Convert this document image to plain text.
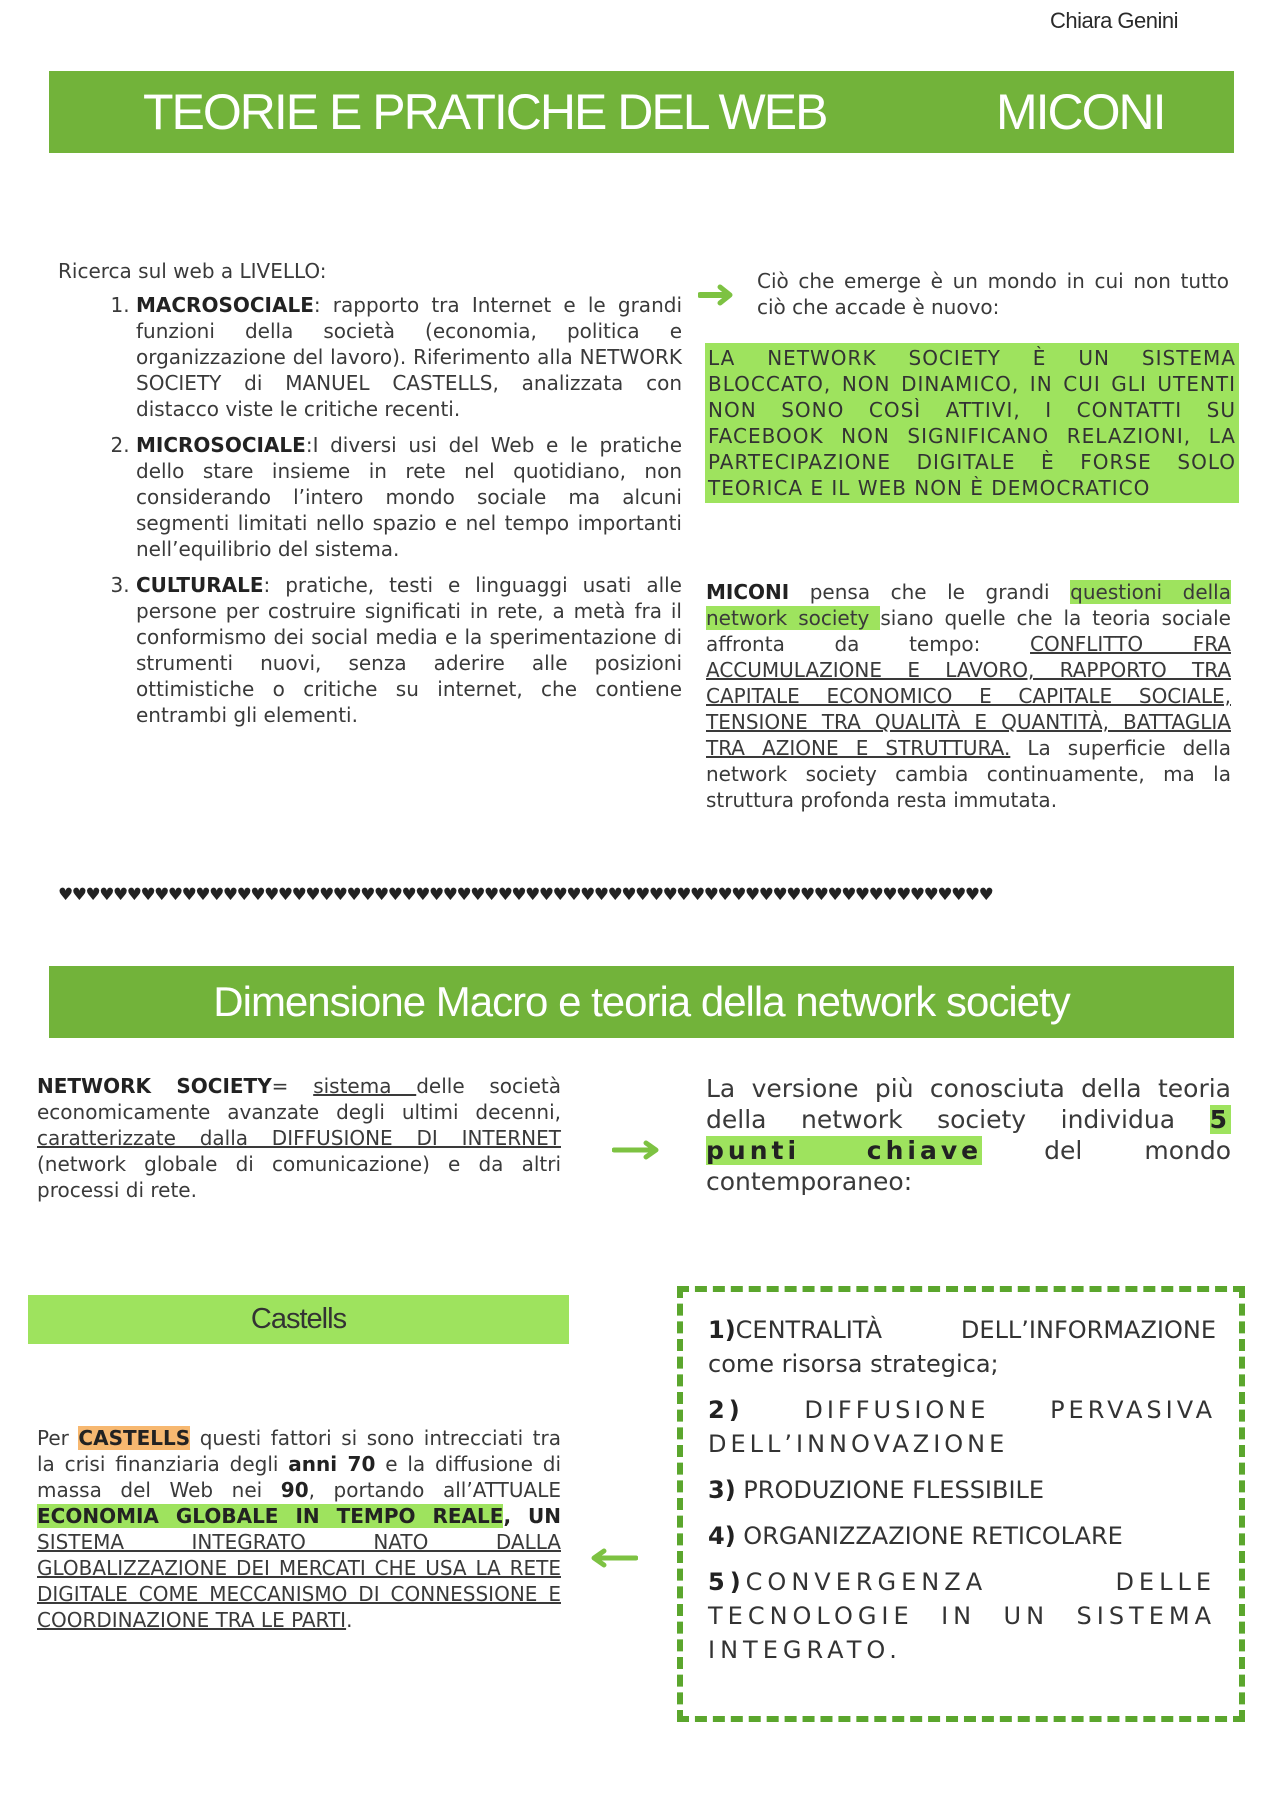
Chiara Genini
TEORIE E PRATICHE DEL WEB	MICONI
Ricerca sul web a LIVELLO:
1. MACROSOCIALE: rapporto tra Internet e le grandi funzioni della società (economia, politica e organizzazione del lavoro). Riferimento alla NETWORK SOCIETY di MANUEL CASTELLS, analizzata con distacco viste le critiche recenti.
2. MICROSOCIALE:I diversi usi del Web e le pratiche dello stare insieme in rete nel quotidiano, non considerando l’intero mondo sociale ma alcuni segmenti limitati nello spazio e nel tempo importanti nell’equilibrio del sistema.
3. CULTURALE: pratiche, testi e linguaggi usati alle persone per costruire significati in rete, a metà fra il conformismo dei social media e la sperimentazione di strumenti nuovi, senza aderire alle posizioni ottimistiche o critiche su internet, che contiene entrambi gli elementi.
Ciò che emerge è un mondo in cui non tutto ciò che accade è nuovo:
LA NETWORK SOCIETY È UN SISTEMA BLOCCATO, NON DINAMICO, IN CUI GLI UTENTI NON SONO COSÌ ATTIVI, I CONTATTI SU FACEBOOK NON SIGNIFICANO RELAZIONI, LA PARTECIPAZIONE DIGITALE È FORSE SOLO TEORICA E IL WEB NON È DEMOCRATICO
MICONI pensa che le grandi questioni della network society siano quelle che la teoria sociale affronta da tempo: CONFLITTO FRA ACCUMULAZIONE E LAVORO, RAPPORTO TRA CAPITALE ECONOMICO E CAPITALE SOCIALE, TENSIONE TRA QUALITÀ E QUANTITÀ, BATTAGLIA TRA AZIONE E STRUTTURA. La superficie della network society cambia continuamente, ma la struttura profonda resta immutata.
♥♥♥♥♥♥♥♥♥♥♥♥♥♥♥♥♥♥♥♥♥♥♥♥♥♥♥♥♥♥♥♥♥♥♥♥♥♥♥♥♥♥♥♥♥♥♥♥♥♥♥♥♥♥♥♥♥♥♥♥♥♥♥♥♥♥♥♥
Dimensione Macro e teoria della network society
NETWORK SOCIETY= sistema delle società economicamente avanzate degli ultimi decenni, caratterizzate dalla DIFFUSIONE DI INTERNET (network globale di comunicazione) e da altri processi di rete.
La versione più conosciuta della teoria della network society individua 5 punti chiave del mondo contemporaneo:
Castells	1)CENTRALITÀ DELL’INFORMAZIONE come risorsa strategica;

2) DIFFUSIONE PERVASIVA DELL’INNOVAZIONE

3) PRODUZIONE FLESSIBILE

4) ORGANIZZAZIONE RETICOLARE

5)CONVERGENZA DELLE TECNOLOGIE IN UN SISTEMA INTEGRATO.

Per CASTELLS questi fattori si sono intrecciati tra la crisi finanziaria degli anni 70 e la diffusione di massa del Web nei 90, portando all’ATTUALE ECONOMIA GLOBALE IN TEMPO REALE, UN SISTEMA INTEGRATO NATO DALLA GLOBALIZZAZIONE DEI MERCATI CHE USA LA RETE DIGITALE COME MECCANISMO DI CONNESSIONE E COORDINAZIONE TRA LE PARTI.
